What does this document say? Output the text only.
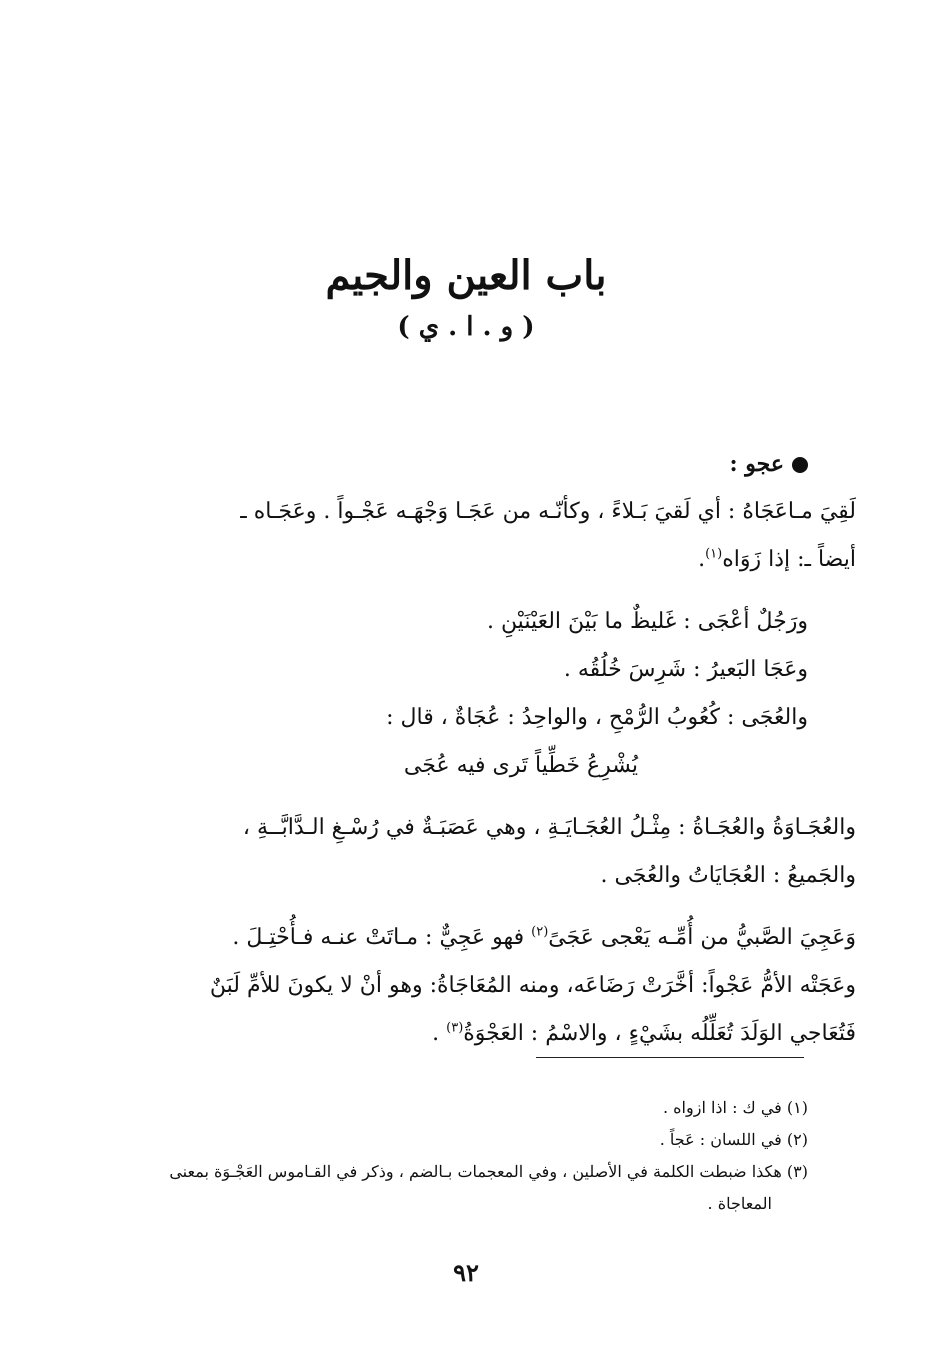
باب العين والجيم
( و . ا . ي )

عجو :

لَقِيَ مـاعَجَاهُ : أي لَقيَ بَـلاءً ، وكأنّـه من عَجَـا وَجْهَـه عَجْـواً . وعَجَـاه ـ
أيضاً ـ: إذا زَوَاه$^{(١)}$.

ورَجُلٌ أعْجَى : غَليظٌ ما بَيْنَ العَيْنَيْنِ .

وعَجَا البَعيرُ : شَرِسَ خُلُقُه .

والعُجَى : كُعُوبُ الرُّمْحِ ، والواحِدُ : عُجَاةٌ ، قال :

يُشْرِعُ خَطِّياً تَرى فيه عُجَى

والعُجَـاوَةُ والعُجَـاةُ : مِثْـلُ العُجَـايَـةِ ، وهي عَصَبَـةٌ في رُسْـغِ الـدَّابَّــةِ ،
والجَميعُ : العُجَايَاتُ والعُجَى .

وَعَجِيَ الصَّبيُّ من أُمِّـه يَعْجى عَجَىً$^{(٢)}$ فهو عَجِيٌّ : مـاتَتْ عنـه فـأُحْتِـلَ .
وعَجَتْه الأمُّ عَجْواً: أخَّرَتْ رَضَاعَه، ومنه المُعَاجَاةُ: وهو أنْ لا يكونَ للأمِّ لَبَنٌ
فَتُعَاجي الوَلَدَ تُعَلِّلُه بشَيْءٍ ، والاسْمُ : العَجْوَةُ$^{(٣)}$ .

(١) في ك : اذا ازواه .

(٢) في اللسان : عَجاً .

(٣) هكذا ضبطت الكلمة في الأصلين ، وفي المعجمات بـالضم ، وذكر في القـاموس العَجْـوَة بمعنى
المعاجاة .

٩٢
